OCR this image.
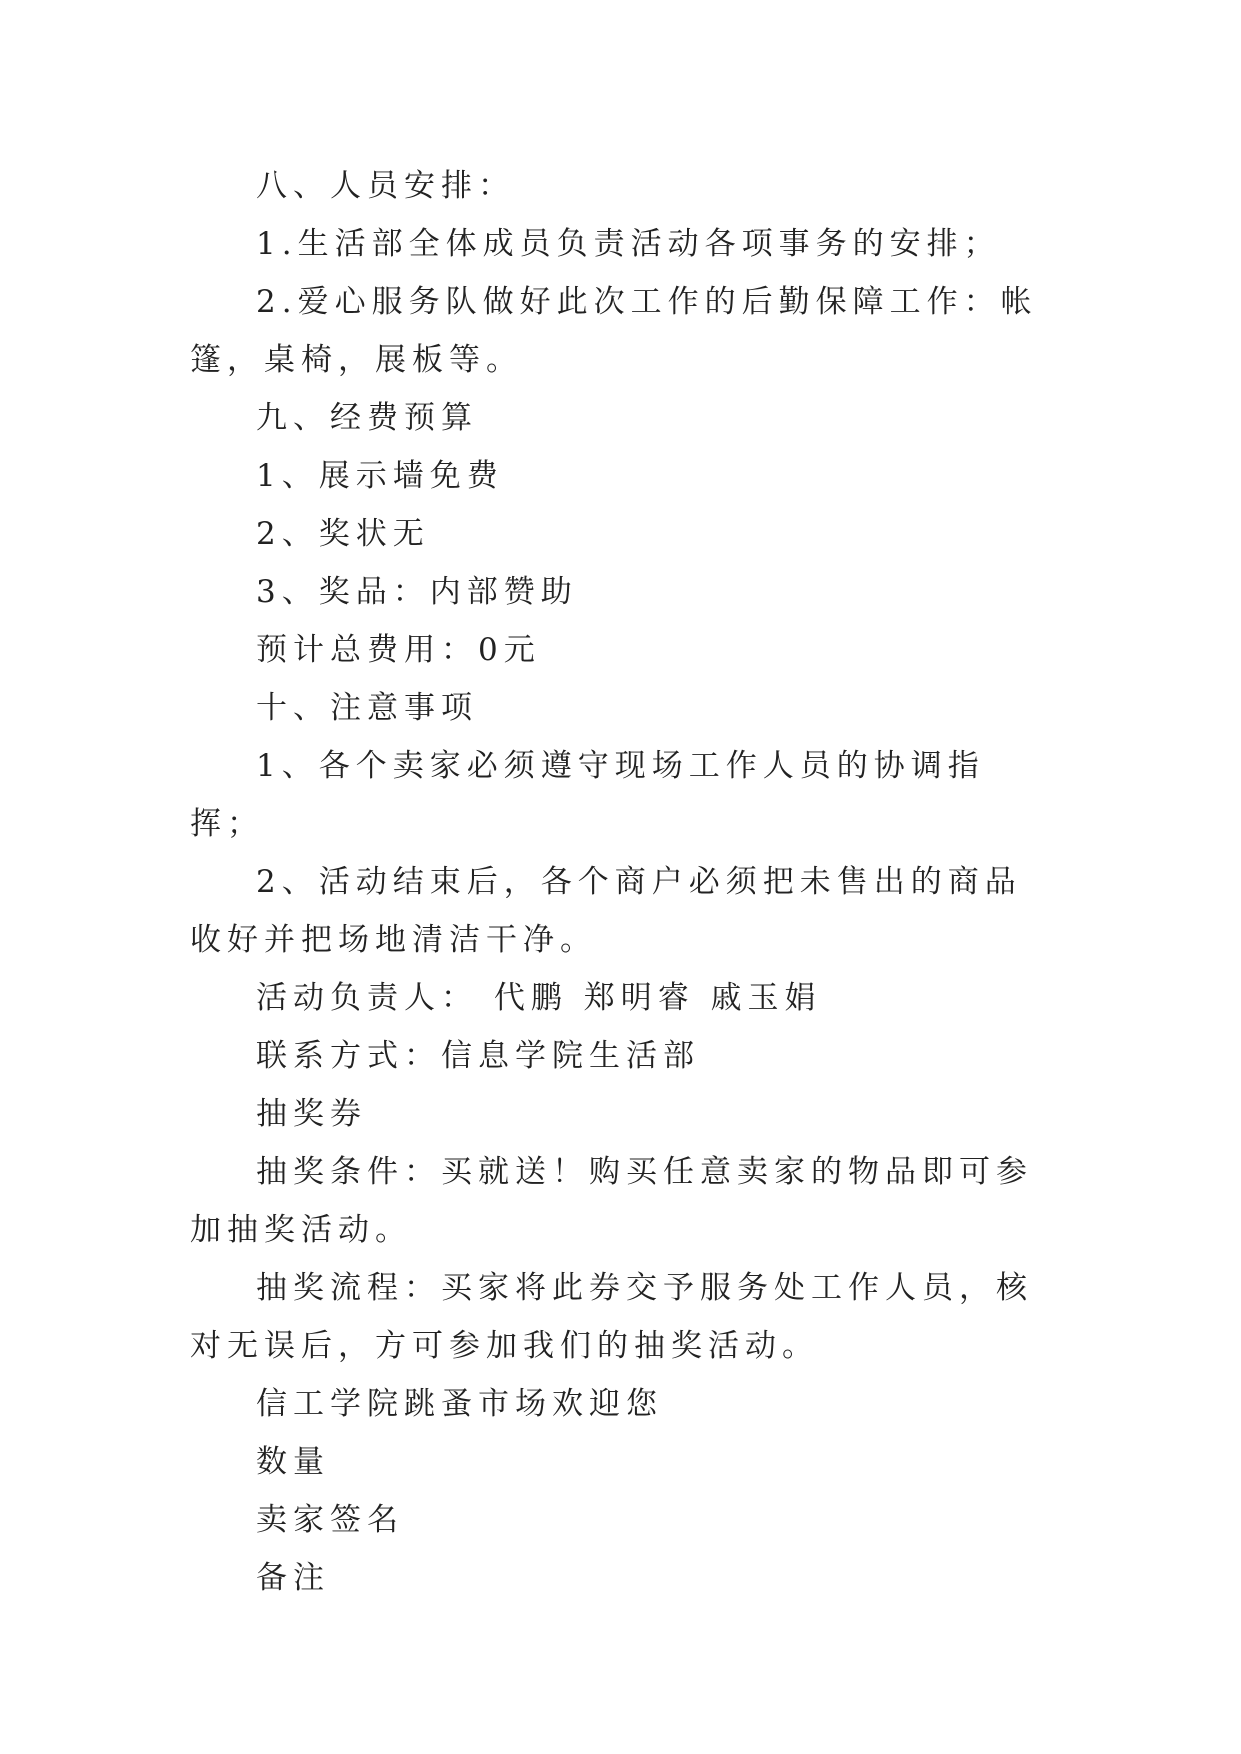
八、人员安排：

1.生活部全体成员负责活动各项事务的安排；

2.爱心服务队做好此次工作的后勤保障工作：帐篷，桌椅，展板等。

九、经费预算

1、展示墙免费

2、奖状无

3、奖品：内部赞助

预计总费用：0元

十、注意事项

1、各个卖家必须遵守现场工作人员的协调指挥；

2、活动结束后，各个商户必须把未售出的商品收好并把场地清洁干净。

活动负责人： 代鹏 郑明睿 戚玉娟

联系方式：信息学院生活部

抽奖券

抽奖条件：买就送！购买任意卖家的物品即可参加抽奖活动。

抽奖流程：买家将此券交予服务处工作人员，核对无误后，方可参加我们的抽奖活动。

信工学院跳蚤市场欢迎您

数量

卖家签名

备注
